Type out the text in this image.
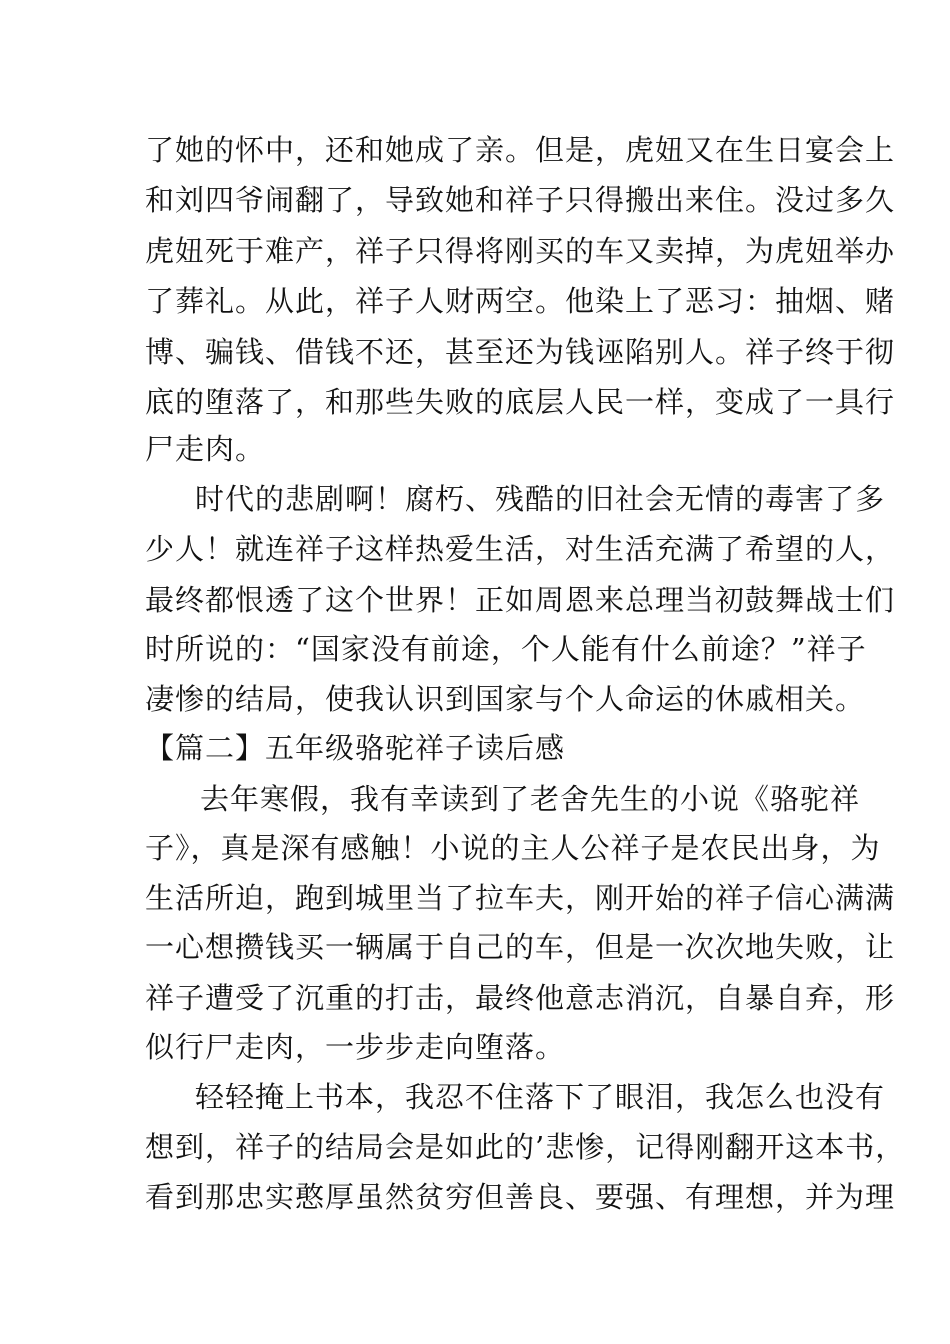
了她的怀中，还和她成了亲。但是，虎妞又在生日宴会上
和刘四爷闹翻了，导致她和祥子只得搬出来住。没过多久
虎妞死于难产，祥子只得将刚买的车又卖掉，为虎妞举办
了葬礼。从此，祥子人财两空。他染上了恶习：抽烟、赌
博、骗钱、借钱不还，甚至还为钱诬陷别人。祥子终于彻
底的堕落了，和那些失败的底层人民一样，变成了一具行
尸走肉。
时代的悲剧啊！腐朽、残酷的旧社会无情的毒害了多
少人！就连祥子这样热爱生活，对生活充满了希望的人，
最终都恨透了这个世界！正如周恩来总理当初鼓舞战士们
时所说的：“国家没有前途，个人能有什么前途？”祥子
凄惨的结局，使我认识到国家与个人命运的休戚相关。
【篇二】五年级骆驼祥子读后感
去年寒假，我有幸读到了老舍先生的小说《骆驼祥
子》，真是深有感触！小说的主人公祥子是农民出身，为
生活所迫，跑到城里当了拉车夫，刚开始的祥子信心满满
一心想攒钱买一辆属于自己的车，但是一次次地失败，让
祥子遭受了沉重的打击，最终他意志消沉，自暴自弃，形
似行尸走肉，一步步走向堕落。
轻轻掩上书本，我忍不住落下了眼泪，我怎么也没有
想到，祥子的结局会是如此的’悲惨，记得刚翻开这本书，
看到那忠实憨厚虽然贫穷但善良、要强、有理想，并为理
